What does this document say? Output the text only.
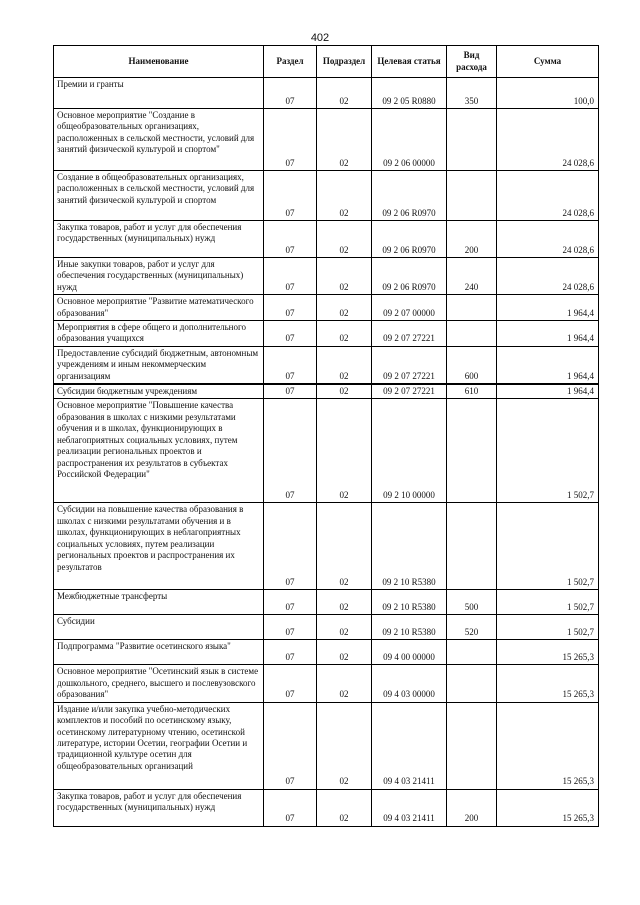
402
Наименование	Раздел	Подраздел	Целевая статья	Вид расхода	Сумма
Премии и гранты	07	02	09 2 05 R0880	350	100,0
Основное мероприятие "Создание в общеобразовательных организациях, расположенных в сельской местности, условий для занятий физической культурой и спортом"	07	02	09 2 06 00000		24 028,6
Создание в общеобразовательных организациях, расположенных в сельской местности, условий для занятий физической культурой и спортом	07	02	09 2 06 R0970		24 028,6
Закупка товаров, работ и услуг для обеспечения государственных (муниципальных) нужд	07	02	09 2 06 R0970	200	24 028,6
Иные закупки товаров, работ и услуг для обеспечения государственных (муниципальных) нужд	07	02	09 2 06 R0970	240	24 028,6
Основное мероприятие "Развитие математического образования"	07	02	09 2 07 00000		1 964,4
Мероприятия в сфере общего и дополнительного образования учащихся	07	02	09 2 07 27221		1 964,4
Предоставление субсидий бюджетным, автономным учреждениям и иным некоммерческим организациям	07	02	09 2 07 27221	600	1 964,4
Субсидии бюджетным учреждениям	07	02	09 2 07 27221	610	1 964,4
Основное мероприятие "Повышение качества образования в школах с низкими результатами обучения и в школах, функционирующих в неблагоприятных социальных условиях, путем реализации региональных проектов и распространения их результатов в субъектах Российской Федерации"	07	02	09 2 10 00000		1 502,7
Субсидии на повышение качества образования в школах с низкими результатами обучения и в школах, функционирующих в неблагоприятных социальных условиях, путем реализации региональных проектов и распространения их результатов	07	02	09 2 10 R5380		1 502,7
Межбюджетные трансферты	07	02	09 2 10 R5380	500	1 502,7
Субсидии	07	02	09 2 10 R5380	520	1 502,7
Подпрограмма "Развитие осетинского языка"	07	02	09 4 00 00000		15 265,3
Основное мероприятие "Осетинский язык в системе дошкольного, среднего, высшего и послевузовского образования"	07	02	09 4 03 00000		15 265,3
Издание и/или закупка учебно-методических комплектов и пособий по осетинскому языку, осетинскому литературному чтению, осетинской литературе, истории Осетии, географии Осетии и традиционной культуре осетин для общеобразовательных организаций	07	02	09 4 03 21411		15 265,3
Закупка товаров, работ и услуг для обеспечения государственных (муниципальных) нужд	07	02	09 4 03 21411	200	15 265,3
